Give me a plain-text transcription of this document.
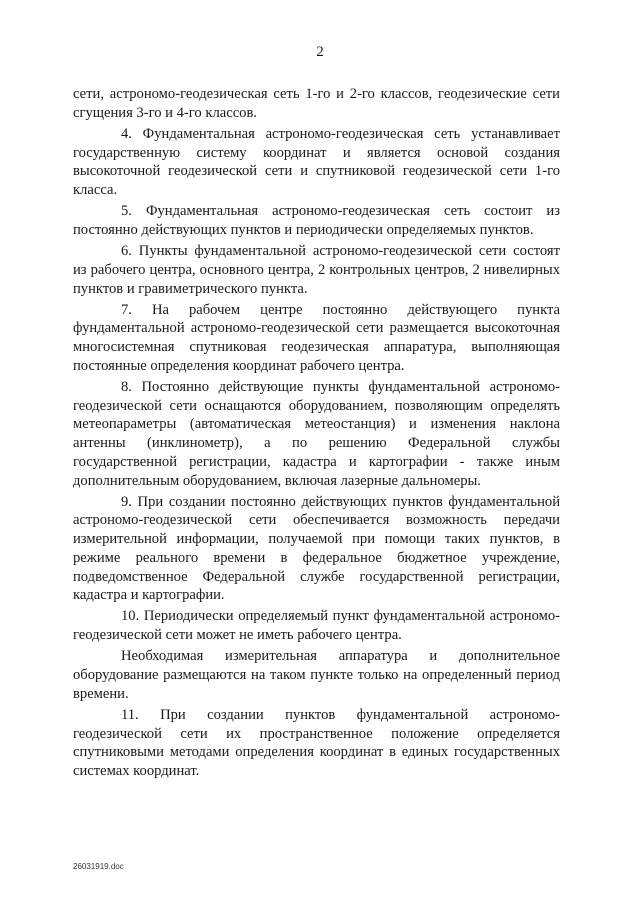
2

сети, астрономо-геодезическая сеть 1-го и 2-го классов, геодезические сети сгущения 3-го и 4-го классов.

4. Фундаментальная астрономо-геодезическая сеть устанавливает государственную систему координат и является основой создания высокоточной геодезической сети и спутниковой геодезической сети 1-го класса.

5. Фундаментальная астрономо-геодезическая сеть состоит из постоянно действующих пунктов и периодически определяемых пунктов.

6. Пункты фундаментальной астрономо-геодезической сети состоят из рабочего центра, основного центра, 2 контрольных центров, 2 нивелирных пунктов и гравиметрического пункта.

7. На рабочем центре постоянно действующего пункта фундаментальной астрономо-геодезической сети размещается высокоточная многосистемная спутниковая геодезическая аппаратура, выполняющая постоянные определения координат рабочего центра.

8. Постоянно действующие пункты фундаментальной астрономо-геодезической сети оснащаются оборудованием, позволяющим определять метеопараметры (автоматическая метеостанция) и изменения наклона антенны (инклинометр), а по решению Федеральной службы государственной регистрации, кадастра и картографии - также иным дополнительным оборудованием, включая лазерные дальномеры.

9. При создании постоянно действующих пунктов фундаментальной астрономо-геодезической сети обеспечивается возможность передачи измерительной информации, получаемой при помощи таких пунктов, в режиме реального времени в федеральное бюджетное учреждение, подведомственное Федеральной службе государственной регистрации, кадастра и картографии.

10. Периодически определяемый пункт фундаментальной астрономо-геодезической сети может не иметь рабочего центра.

Необходимая измерительная аппаратура и дополнительное оборудование размещаются на таком пункте только на определенный период времени.

11. При создании пунктов фундаментальной астрономо-геодезической сети их пространственное положение определяется спутниковыми методами определения координат в единых государственных системах координат.

26031919.doc
